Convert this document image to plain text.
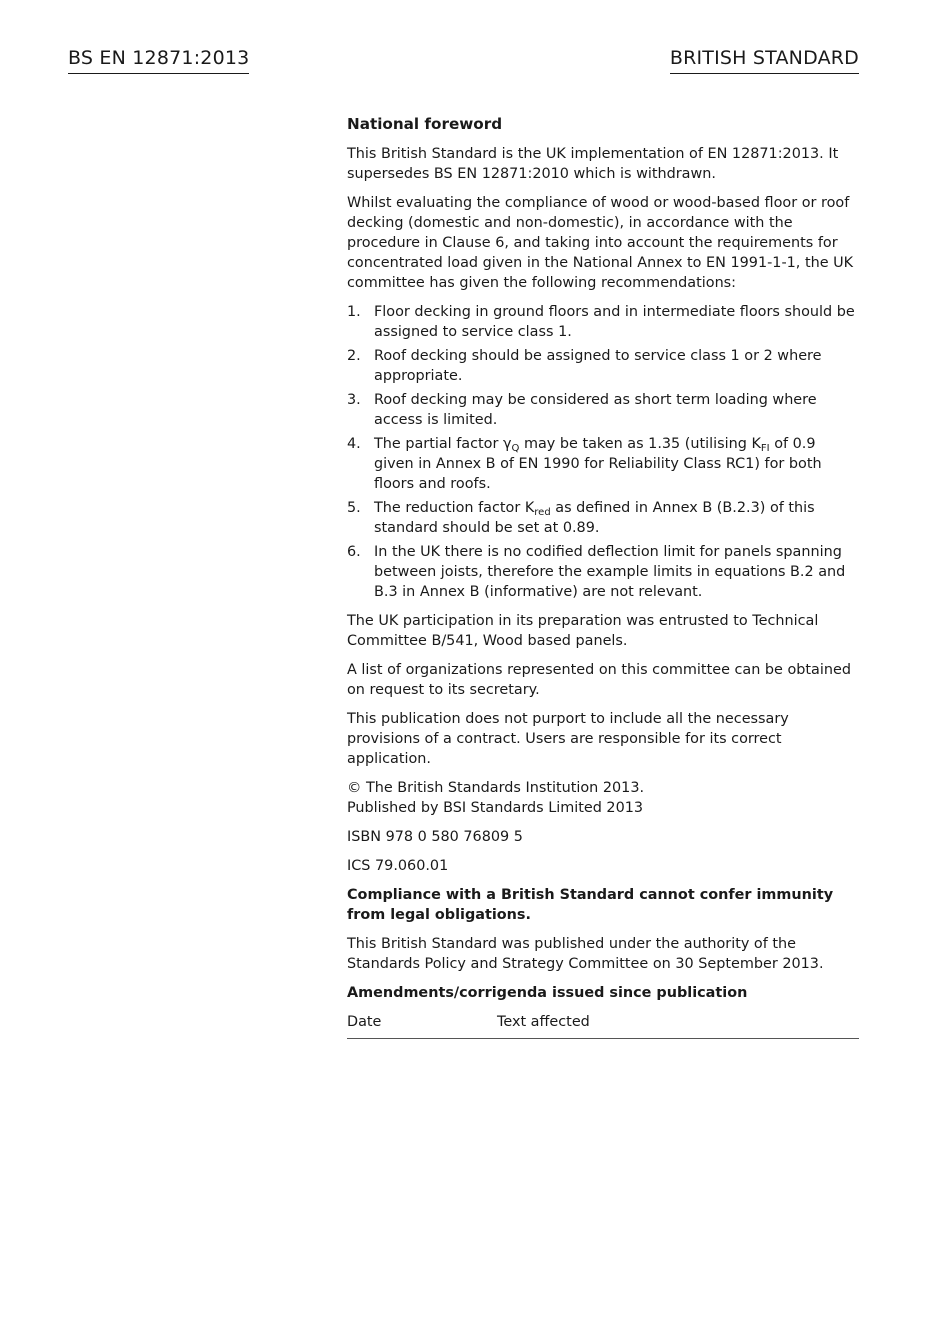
BS EN 12871:2013	BRITISH STANDARD
National foreword

This British Standard is the UK implementation of EN 12871:2013. It supersedes BS EN 12871:2010 which is withdrawn.

Whilst evaluating the compliance of wood or wood-based floor or roof decking (domestic and non-domestic), in accordance with the procedure in Clause 6, and taking into account the requirements for concentrated load given in the National Annex to EN 1991-1-1, the UK committee has given the following recommendations:

1. Floor decking in ground floors and in intermediate floors should be assigned to service class 1.
2. Roof decking should be assigned to service class 1 or 2 where appropriate.
3. Roof decking may be considered as short term loading where access is limited.
4. The partial factor $\gamma_Q$ may be taken as 1.35 (utilising $K_{FI}$ of 0.9 given in Annex B of EN 1990 for Reliability Class RC1) for both floors and roofs.
5. The reduction factor $K_{red}$ as defined in Annex B (B.2.3) of this standard should be set at 0.89.
6. In the UK there is no codified deflection limit for panels spanning between joists, therefore the example limits in equations B.2 and B.3 in Annex B (informative) are not relevant.

The UK participation in its preparation was entrusted to Technical Committee B/541, Wood based panels.

A list of organizations represented on this committee can be obtained on request to its secretary.

This publication does not purport to include all the necessary provisions of a contract. Users are responsible for its correct application.

© The British Standards Institution 2013.
Published by BSI Standards Limited 2013

ISBN 978 0 580 76809 5

ICS 79.060.01

Compliance with a British Standard cannot confer immunity from legal obligations.

This British Standard was published under the authority of the Standards Policy and Strategy Committee on 30 September 2013.

Amendments/corrigenda issued since publication

Date	Text affected
